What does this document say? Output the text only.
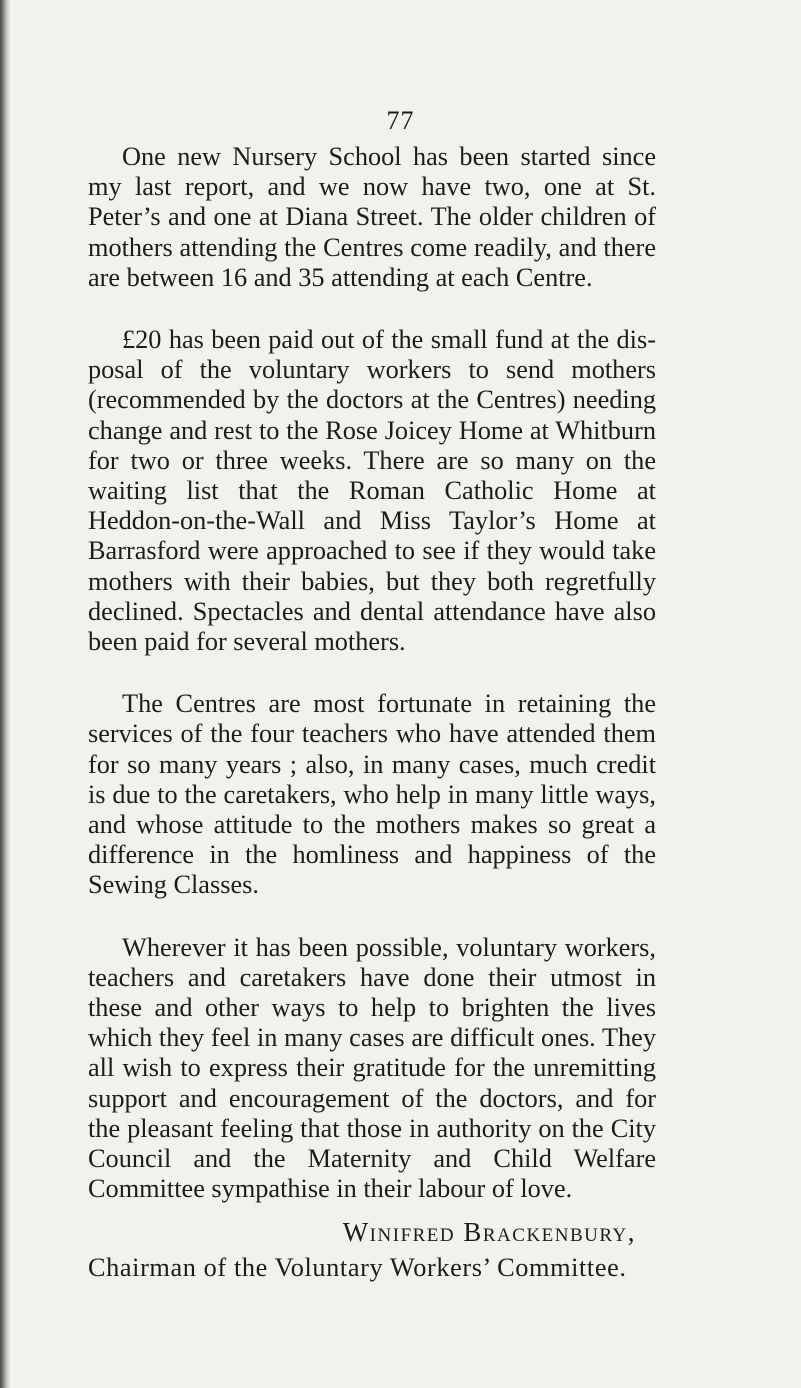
77

One new Nursery School has been started since my last report, and we now have two, one at St. Peter’s and one at Diana Street. The older children of mothers attending the Centres come readily, and there are between 16 and 35 attending at each Centre.

£20 has been paid out of the small fund at the disposal of the voluntary workers to send mothers (recommended by the doctors at the Centres) needing change and rest to the Rose Joicey Home at Whitburn for two or three weeks. There are so many on the waiting list that the Roman Catholic Home at Heddon-on-the-Wall and Miss Taylor’s Home at Barrasford were approached to see if they would take mothers with their babies, but they both regretfully declined. Spectacles and dental attendance have also been paid for several mothers.

The Centres are most fortunate in retaining the services of the four teachers who have attended them for so many years ; also, in many cases, much credit is due to the caretakers, who help in many little ways, and whose attitude to the mothers makes so great a difference in the homliness and happiness of the Sewing Classes.

Wherever it has been possible, voluntary workers, teachers and caretakers have done their utmost in these and other ways to help to brighten the lives which they feel in many cases are difficult ones. They all wish to express their gratitude for the unremitting support and encouragement of the doctors, and for the pleasant feeling that those in authority on the City Council and the Maternity and Child Welfare Committee sympathise in their labour of love.

Winifred Brackenbury,
Chairman of the Voluntary Workers’ Committee.
